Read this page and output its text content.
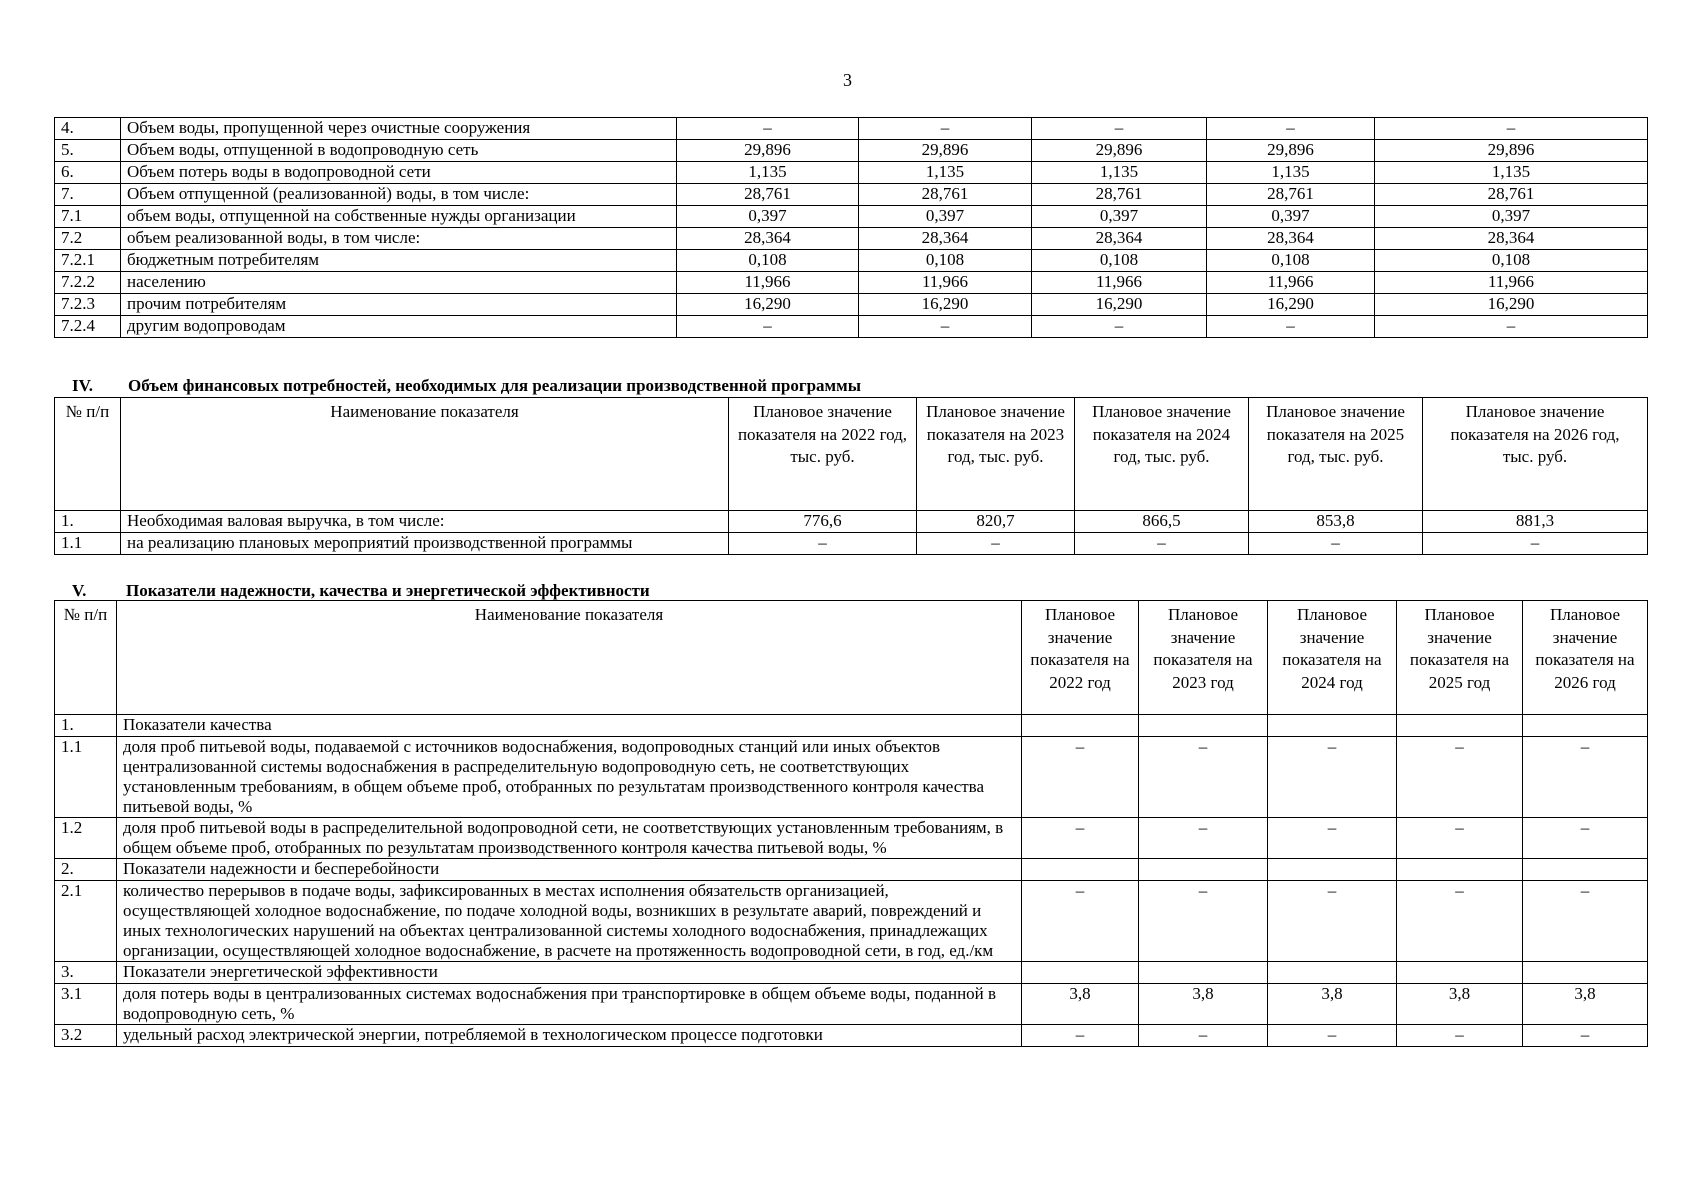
3
4.	Объем воды, пропущенной через очистные сооружения	–	–	–	–	–
5.	Объем воды, отпущенной в водопроводную сеть	29,896	29,896	29,896	29,896	29,896
6.	Объем потерь воды в водопроводной сети	1,135	1,135	1,135	1,135	1,135
7.	Объем отпущенной (реализованной) воды, в том числе:	28,761	28,761	28,761	28,761	28,761
7.1	объем воды, отпущенной на собственные нужды организации	0,397	0,397	0,397	0,397	0,397
7.2	объем реализованной воды, в том числе:	28,364	28,364	28,364	28,364	28,364
7.2.1	бюджетным потребителям	0,108	0,108	0,108	0,108	0,108
7.2.2	населению	11,966	11,966	11,966	11,966	11,966
7.2.3	прочим потребителям	16,290	16,290	16,290	16,290	16,290
7.2.4	другим водопроводам	–	–	–	–	–
IV. Объем финансовых потребностей, необходимых для реализации производственной программы
№ п/п	Наименование показателя	Плановое значение показателя на 2022 год, тыс. руб.	Плановое значение показателя на 2023 год, тыс. руб.	Плановое значение показателя на 2024 год, тыс. руб.	Плановое значение показателя на 2025 год, тыс. руб.	Плановое значение показателя на 2026 год, тыс. руб.
1.	Необходимая валовая выручка, в том числе:	776,6	820,7	866,5	853,8	881,3
1.1	на реализацию плановых мероприятий производственной программы	–	–	–	–	–
V. Показатели надежности, качества и энергетической эффективности
№ п/п	Наименование показателя	Плановое значение показателя на 2022 год	Плановое значение показателя на 2023 год	Плановое значение показателя на 2024 год	Плановое значение показателя на 2025 год	Плановое значение показателя на 2026 год
1.	Показатели качества					
1.1	доля проб питьевой воды, подаваемой с источников водоснабжения, водопроводных станций или иных объектов централизованной системы водоснабжения в распределительную водопроводную сеть, не соответствующих установленным требованиям, в общем объеме проб, отобранных по результатам производственного контроля качества питьевой воды, %	–	–	–	–	–
1.2	доля проб питьевой воды в распределительной водопроводной сети, не соответствующих установленным требованиям, в общем объеме проб, отобранных по результатам производственного контроля качества питьевой воды, %	–	–	–	–	–
2.	Показатели надежности и бесперебойности					
2.1	количество перерывов в подаче воды, зафиксированных в местах исполнения обязательств организацией, осуществляющей холодное водоснабжение, по подаче холодной воды, возникших в результате аварий, повреждений и иных технологических нарушений на объектах централизованной системы холодного водоснабжения, принадлежащих организации, осуществляющей холодное водоснабжение, в расчете на протяженность водопроводной сети, в год, ед./км	–	–	–	–	–
3.	Показатели энергетической эффективности					
3.1	доля потерь воды в централизованных системах водоснабжения при транспортировке в общем объеме воды, поданной в водопроводную сеть, %	3,8	3,8	3,8	3,8	3,8
3.2	удельный расход электрической энергии, потребляемой в технологическом процессе подготовки	–	–	–	–	–
